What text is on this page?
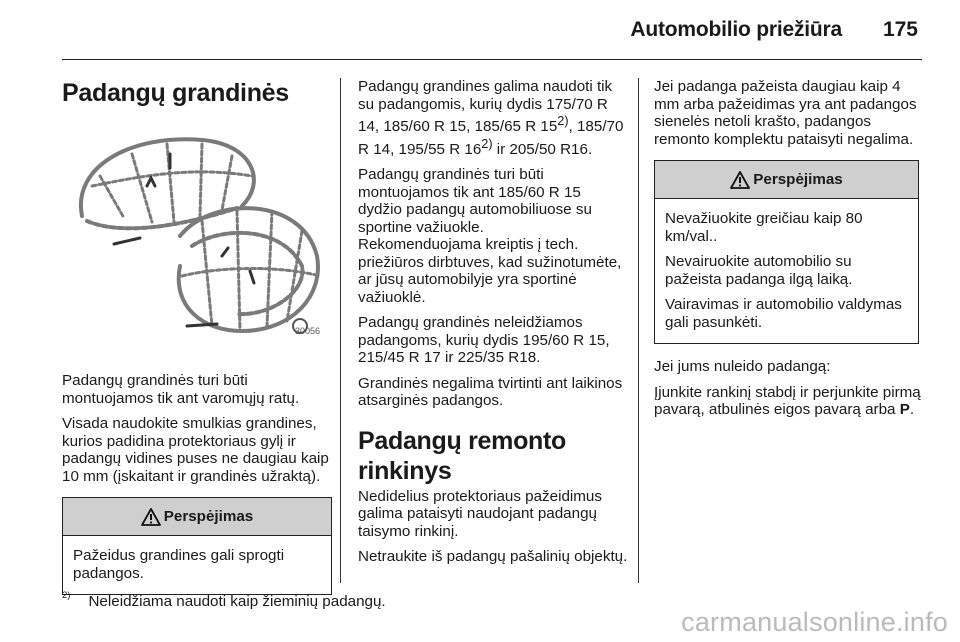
Automobilio priežiūra 175
Padangų grandinės
30056

Padangų grandinės turi būti montuojamos tik ant varomųjų ratų.

Visada naudokite smulkias grandines, kurios padidina protektoriaus gylį ir padangų vidines puses ne daugiau kaip 10 mm (įskaitant ir grandinės užraktą).

Perspėjimas

Pažeidus grandines gali sprogti padangos.

Padangų grandines galima naudoti tik su padangomis, kurių dydis 175/70 R 14, 185/60 R 15, 185/65 R 15$^{2)}$, 185/70 R 14, 195/55 R 16$^{2)}$ ir 205/50 R16.

Padangų grandinės turi būti montuojamos tik ant 185/60 R 15 dydžio padangų automobiliuose su sportine važiuokle.

Rekomenduojama kreiptis į tech. priežiūros dirbtuves, kad sužinotumėte, ar jūsų automobilyje yra sportinė važiuoklė.

Padangų grandinės neleidžiamos padangoms, kurių dydis 195/60 R 15, 215/45 R 17 ir 225/35 R18.

Grandinės negalima tvirtinti ant laikinos atsarginės padangos.

Padangų remonto rinkinys

Nedidelius protektoriaus pažeidimus galima pataisyti naudojant padangų taisymo rinkinį.

Netraukite iš padangų pašalinių objektų.

Jei padanga pažeista daugiau kaip 4 mm arba pažeidimas yra ant padangos sienelės netoli krašto, padangos remonto komplektu pataisyti negalima.

Perspėjimas

Nevažiuokite greičiau kaip 80 km/val..

Nevairuokite automobilio su pažeista padanga ilgą laiką.

Vairavimas ir automobilio valdymas gali pasunkėti.

Jei jums nuleido padangą:

Įjunkite rankinį stabdį ir perjunkite pirmą pavarą, atbulinės eigos pavarą arba P.

$^{2)}$ Neleidžiama naudoti kaip žieminių padangų.
carmanualsonline.info
